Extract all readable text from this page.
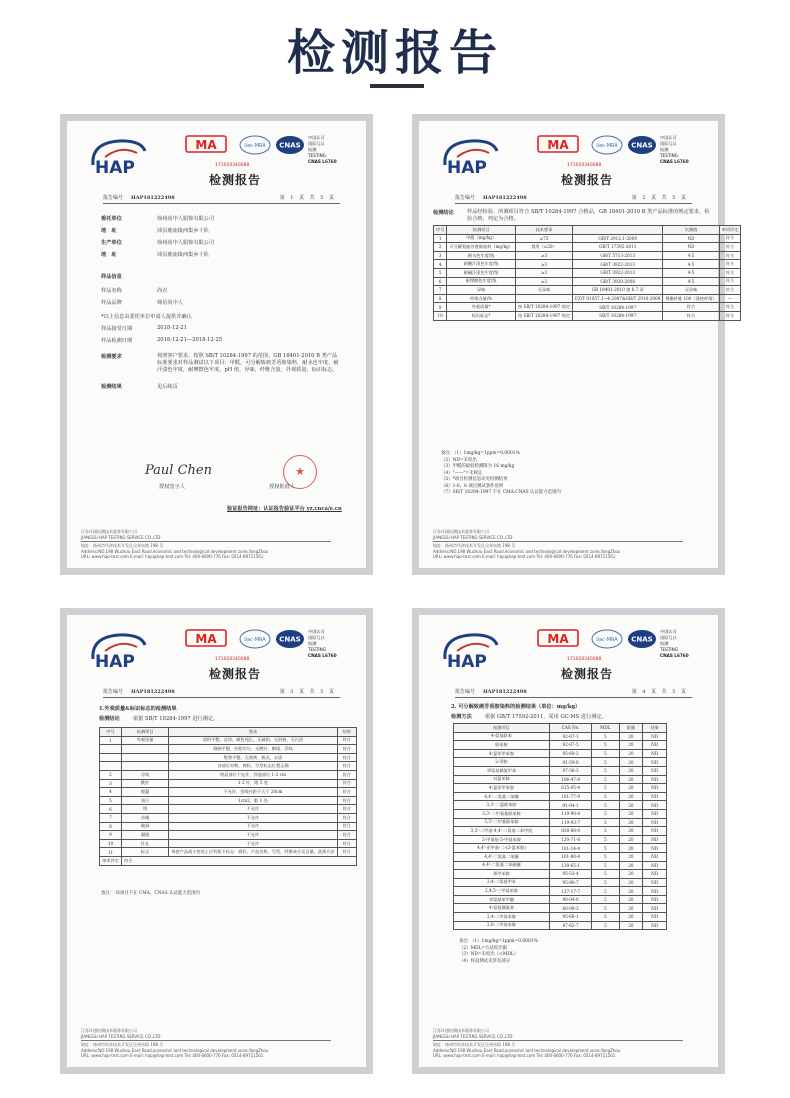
检测报告
HAP
MA	ilac-MRA CNAS
中国认可
国际互认
检测
TESTING
CNAS L6760
171020340088
检测报告
报告编号 HAP181222498	第 1 页 共 5 页
委托单位	徐州尚中人服饰有限公司
地　址	沛县鹿庙镇西集乡十队
生产单位	徐州尚中人服饰有限公司
地　址	沛县鹿庙镇西集乡十队
样品信息
样品名称	尚衣
样品品牌	韩信尚中人
*以上信息由委托单位申请人提供并确认
样品接受日期	2018-12-21
样品检测日期	2018-12-21---2018-12-25
检测要求	按照客户要求，按照 SB/T 10284-1997 的范围，GB 18401-2010 B 类产品标准要求对样品测试以下项目：甲醛，可分解致癌芳香胺染料，耐水色牢度，耐汗渍色牢度，耐摩擦色牢度，pH 值，异味，纤维含量，外观质量，标识标志。
检测结果	见后续页
Paul Chen
授权签字人 ★	授权批准人
验证报告网址：认证报告验证平台 yz.cnca/e.cn
江苏环通检测技术服务有限公司
JIANGSU HAP TESTING SERVICE CO.,LTD
地址：扬州市经济技术开发区吴州东路 198 号
Address:NO.198 Wuzhou East Road,economic and technological development zone,YangZhou
URL: www.hap-test.com E-mail: hap@hap-test.com Tel: 400-6600-776 Fax: 0514-89711561
HAP
MA	ilac-MRA CNAS
中国认可
国际互认
检测
TESTING
CNAS L6760
171020340088
检测报告
报告编号 HAP181222498	第 2 页 共 5 页
检测结论	样品经检验，所测项目符合 SB/T 10284-1997 合格品，GB 18401-2010 B 类产品标准的规定要求，检验合格，判定为合格。
序号	检测项目	技术要求		实测值	单项评定
1	甲醛（mg/kg）	≤75	GB/T 2912.1-2009	ND	符合
2	可分解致癌芳香胺染料（mg/kg）	禁用（≤20）	GB/T 17592-2011	ND	符合
3	耐水色牢度/级	≥3	GB/T 5713-2013	4-5	符合
4	耐酸汗渍色牢度/级	≥3	GB/T 3922-2013	4-5	符合
5	耐碱汗渍色牢度/级	≥3	GB/T 3922-2013	4-5	符合
6	耐摩擦色牢度/级	≥3	GB/T 3920-2008	4-5	符合
7	异味	无异味	GB 18401-2010 第 6.7 章	无异味	符合
8	纤维含量/%		FZ/T 01057.1~4-2007&GB/T 2910-2009	聚酯纤维 100（涤纶纤维）	—
9	外观质量*	按 SB/T 10284-1997 规定	SB/T 10284-1997	符合	符合
10	标识标志*	按 SB/T 10284-1997 规定	SB/T 10284-1997	符合	符合
备注：（1）1mg/kg=1ppm=0.0001%
（2）ND=未检出
（3）甲醛的最低检测限为 16 mg/kg
（4）"——"=未规定
（5）*项目检测信息详见检测结果
（6）1-6、8 项目测试条件说明
（7）SB/T 10284-1997 不在 CMA,CNAS 认证能力范围内
江苏环通检测技术服务有限公司
JIANGSU HAP TESTING SERVICE CO.,LTD
地址：扬州市经济技术开发区吴州东路 198 号
Address:NO.198 Wuzhou East Road,economic and technological development zone,YangZhou
URL: www.hap-test.com E-mail: hap@hap-test.com Tel: 400-6600-776 Fax: 0514-89711561
HAP
MA	ilac-MRA CNAS
中国认可
国际互认
检测
TESTING
CNAS L6760
171020340088
检测报告
报告编号 HAP181222498	第 3 页 共 5 页
1.外观质量&标识标志的检测结果
检测结论	依据 SB/T 10284-1997 进行测定。
序号	检测项目	要求	结果
1	外观质量	面料平整，洁净，颜色纯正，无破损，无折痕，无污渍	符合
		缝制平整，针距均匀，无跳针、断线、浮线	符合
		熨烫平整，无烫黄、极光、水渍	符合
		各部位对称，商标、号型标志位置正确	符合
2	浮线	明显部位不允许，其他部位 1-2 cm	符合
3	跳针	1-2 针，限 5 处	符合
4	脱漏	不允许，里线针距不大于 20cm	符合
5	油污	1cm2，限 1 处	符合
6	锈	不允许	符合
7	沙眼	不允许	符合
8	破洞	不允许	符合
9	漏缝	不允许	符合
10	针孔	不允许	符合
11	标志	每套产品或小包装上应有如下标志：商标，产品名称，号型，纤维成分及含量，洗涤方法	符合
单项评定	符合		
备注： 该项目不在 CMA、CNAS 认证能力范围内
江苏环通检测技术服务有限公司
JIANGSU HAP TESTING SERVICE CO.,LTD
地址：扬州市经济技术开发区吴州东路 198 号
Address:NO.198 Wuzhou East Road,economic and technological development zone,YangZhou
URL: www.hap-test.com E-mail: hap@hap-test.com Tel: 400-6600-776 Fax: 0514-89711561
HAP
MA	ilac-MRA CNAS
中国认可
国际互认
检测
TESTING
CNAS L6760
171020340088
检测报告
报告编号 HAP181222498	第 4 页 共 5 页
2. 可分解致癌芳香胺染料的检测结果（单位：mg/kg）
检测方法	依据 GB/T 17592-2011，采用 GC-MS 进行测定。
检测项目	CAS No.	MDL	限量	结果
4-氨基联苯	92-67-1	5	20	ND
联苯胺	92-87-5	5	20	ND
4-氯邻甲苯胺	95-69-2	5	20	ND
2-萘胺	91-59-8	5	20	ND
邻氨基偶氮甲苯	97-56-3	5	20	ND
对氯苯胺	106-47-8	5	20	ND
4-氯邻甲苯胺	615-05-4	5	20	ND
4,4'-二氨基二苯醚	101-77-9	5	20	ND
3,3'-二氯联苯胺	91-94-1	5	20	ND
3,3'-二甲氧基联苯胺	119-90-4	5	20	ND
3,3'-二甲基联苯胺	119-93-7	5	20	ND
3,3'-二甲基-4,4'-二氨基二苯甲烷	838-88-0	5	20	ND
2-甲氧基-5-甲基苯胺	120-71-8	5	20	ND
4,4'-亚甲基-二-(2-氯苯胺)	101-14-4	5	20	ND
4,4'-二氨基二苯醚	101-80-4	5	20	ND
4,4'-二氨基二苯硫醚	139-65-1	5	20	ND
邻甲苯胺	95-53-4	5	20	ND
2,4-二氨基甲苯	95-80-7	5	20	ND
2,4,5-三甲基苯胺	137-17-7	5	20	ND
邻氨基苯甲醚	90-04-0	5	20	ND
4-氨基偶氮苯	60-09-3	5	20	ND
2,4-二甲基苯胺	95-68-1	5	20	ND
2,6-二甲基苯胺	87-62-7	5	20	ND
备注：（1）1mg/kg=1ppm=0.0001%
（2）MDL=方法检出限
（3）ND=未检出（<MDL）
（4）样品测试未涉及部分
江苏环通检测技术服务有限公司
JIANGSU HAP TESTING SERVICE CO.,LTD
地址：扬州市经济技术开发区吴州东路 198 号
Address:NO.198 Wuzhou East Road,economic and technological development zone,YangZhou
URL: www.hap-test.com E-mail: hap@hap-test.com Tel: 400-6600-776 Fax: 0514-89711561
